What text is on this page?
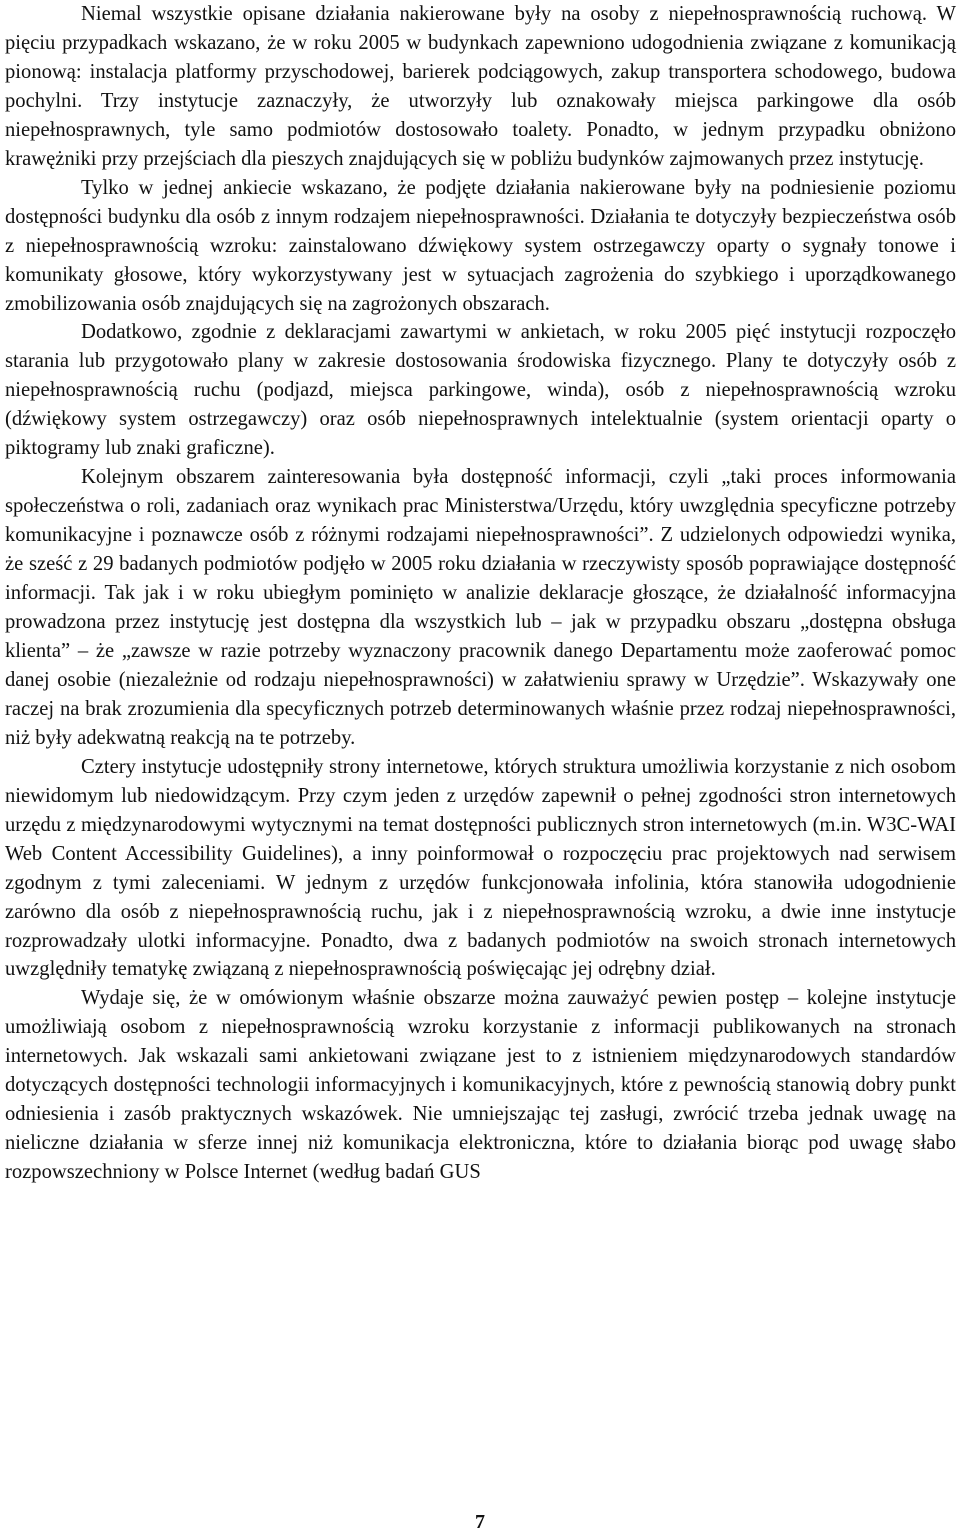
Niemal wszystkie opisane działania nakierowane były na osoby z niepełnosprawnością ruchową. W pięciu przypadkach wskazano, że w roku 2005 w budynkach zapewniono udogodnienia związane z komunikacją pionową: instalacja platformy przyschodowej, barierek podciągowych, zakup transportera schodowego, budowa pochylni. Trzy instytucje zaznaczyły, że utworzyły lub oznakowały miejsca parkingowe dla osób niepełnosprawnych, tyle samo podmiotów dostosowało toalety. Ponadto, w jednym przypadku obniżono krawężniki przy przejściach dla pieszych znajdujących się w pobliżu budynków zajmowanych przez instytucję.

Tylko w jednej ankiecie wskazano, że podjęte działania nakierowane były na podniesienie poziomu dostępności budynku dla osób z innym rodzajem niepełnosprawności. Działania te dotyczyły bezpieczeństwa osób z niepełnosprawnością wzroku: zainstalowano dźwiękowy system ostrzegawczy oparty o sygnały tonowe i komunikaty głosowe, który wykorzystywany jest w sytuacjach zagrożenia do szybkiego i uporządkowanego zmobilizowania osób znajdujących się na zagrożonych obszarach.

Dodatkowo, zgodnie z deklaracjami zawartymi w ankietach, w roku 2005 pięć instytucji rozpoczęło starania lub przygotowało plany w zakresie dostosowania środowiska fizycznego. Plany te dotyczyły osób z niepełnosprawnością ruchu (podjazd, miejsca parkingowe, winda), osób z niepełnosprawnością wzroku (dźwiękowy system ostrzegawczy) oraz osób niepełnosprawnych intelektualnie (system orientacji oparty o piktogramy lub znaki graficzne).

Kolejnym obszarem zainteresowania była dostępność informacji, czyli „taki proces informowania społeczeństwa o roli, zadaniach oraz wynikach prac Ministerstwa/Urzędu, który uwzględnia specyficzne potrzeby komunikacyjne i poznawcze osób z różnymi rodzajami niepełnosprawności”. Z udzielonych odpowiedzi wynika, że sześć z 29 badanych podmiotów podjęło w 2005 roku działania w rzeczywisty sposób poprawiające dostępność informacji. Tak jak i w roku ubiegłym pominięto w analizie deklaracje głoszące, że działalność informacyjna prowadzona przez instytucję jest dostępna dla wszystkich lub – jak w przypadku obszaru „dostępna obsługa klienta” – że „zawsze w razie potrzeby wyznaczony pracownik danego Departamentu może zaoferować pomoc danej osobie (niezależnie od rodzaju niepełnosprawności) w załatwieniu sprawy w Urzędzie”. Wskazywały one raczej na brak zrozumienia dla specyficznych potrzeb determinowanych właśnie przez rodzaj niepełnosprawności, niż były adekwatną reakcją na te potrzeby.

Cztery instytucje udostępniły strony internetowe, których struktura umożliwia korzystanie z nich osobom niewidomym lub niedowidzącym. Przy czym jeden z urzędów zapewnił o pełnej zgodności stron internetowych urzędu z międzynarodowymi wytycznymi na temat dostępności publicznych stron internetowych (m.in. W3C-WAI Web Content Accessibility Guidelines), a inny poinformował o rozpoczęciu prac projektowych nad serwisem zgodnym z tymi zaleceniami. W jednym z urzędów funkcjonowała infolinia, która stanowiła udogodnienie zarówno dla osób z niepełnosprawnością ruchu, jak i z niepełnosprawnością wzroku, a dwie inne instytucje rozprowadzały ulotki informacyjne. Ponadto, dwa z badanych podmiotów na swoich stronach internetowych uwzględniły tematykę związaną z niepełnosprawnością poświęcając jej odrębny dział.

Wydaje się, że w omówionym właśnie obszarze można zauważyć pewien postęp – kolejne instytucje umożliwiają osobom z niepełnosprawnością wzroku korzystanie z informacji publikowanych na stronach internetowych. Jak wskazali sami ankietowani związane jest to z istnieniem międzynarodowych standardów dotyczących dostępności technologii informacyjnych i komunikacyjnych, które z pewnością stanowią dobry punkt odniesienia i zasób praktycznych wskazówek. Nie umniejszając tej zasługi, zwrócić trzeba jednak uwagę na nieliczne działania w sferze innej niż komunikacja elektroniczna, które to działania biorąc pod uwagę słabo rozpowszechniony w Polsce Internet (według badań GUS

7
